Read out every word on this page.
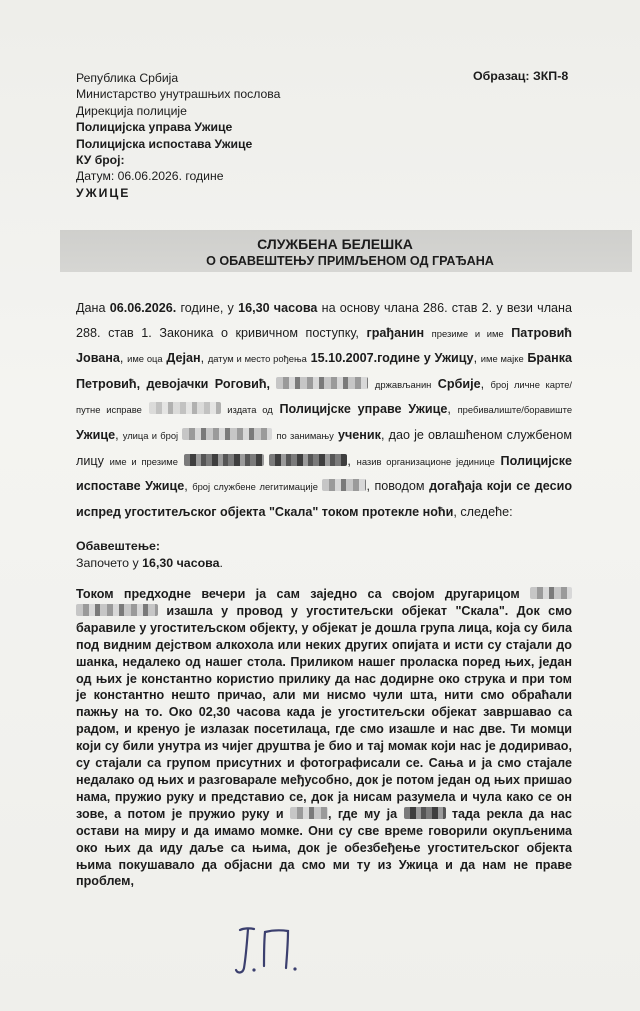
Република Србија
Министарство унутрашњих послова
Дирекција полиције
Полицијска управа Ужице
Полицијска испостава Ужице
КУ број:
Датум: 06.06.2026. године
УЖИЦЕ
Образац: ЗКП-8
СЛУЖБЕНА БЕЛЕШКА
О ОБАВЕШТЕЊУ ПРИМЉЕНОМ ОД ГРАЂАНА
Дана 06.06.2026. године, у 16,30 часова на основу члана 286. став 2. у вези члана 288. став 1. Законика о кривичном поступку, грађанин презиме и име Патровић Јована, име оца Дејан, датум и место рођења 15.10.2007.године у Ужицу, име мајке Бранка Петровић, девојачки Роговић,	држављанин Србије, број личне карте/путне исправе	издата од Полицијске управе Ужице, пребивалиште/боравиште Ужице, улица и број	по занимању ученик, дао је овлашћеном службеном лицу име и презиме	, назив организационе јединице Полицијске испоставе Ужице, број службене легитимације	, поводом догађаја који се десио испред угоститељског објекта "Скала" током протекле ноћи, следеће:
Обавештење:
Започето у 16,30 часова.
Током предходне вечери ја сам заједно са својом другарицом   изашла у провод у угоститељски објекат "Скала". Док смо баравиле у угоститељском објекту, у објекат је дошла група лица, која су била под видним дејством алкохола или неких других опијата и исти су стајали до шанка, недалеко од нашег стола. Приликом нашег проласка поред њих, један од њих је константно користио прилику да нас додирне око струка и при том је константно нешто причао, али ми нисмо чули шта, нити смо обраћали пажњу на то. Око 02,30 часова када је угоститељски објекат завршавао са радом, и кренуо је излазак посетилаца, где смо изашле и нас две. Ти момци који су били унутра из чијег друштва је био и тај момак који нас је додиривао, су стајали са групом присутних и фотографисали се. Сања и ја смо стајале недалако од њих и разговарале међусобно, док је потом један од њих пришао нама, пружио руку и представио се, док ја нисам разумела и чула како се он зове, а потом је пружио руку и	, где му ја	тада рекла да нас остави на миру и да имамо момке. Они су све време говорили окупљенима око њих да иду даље са њима, док је обезбеђење угоститељског објекта њима покушавало да објасни да смо ми ту из Ужица и да нам не праве проблем,
